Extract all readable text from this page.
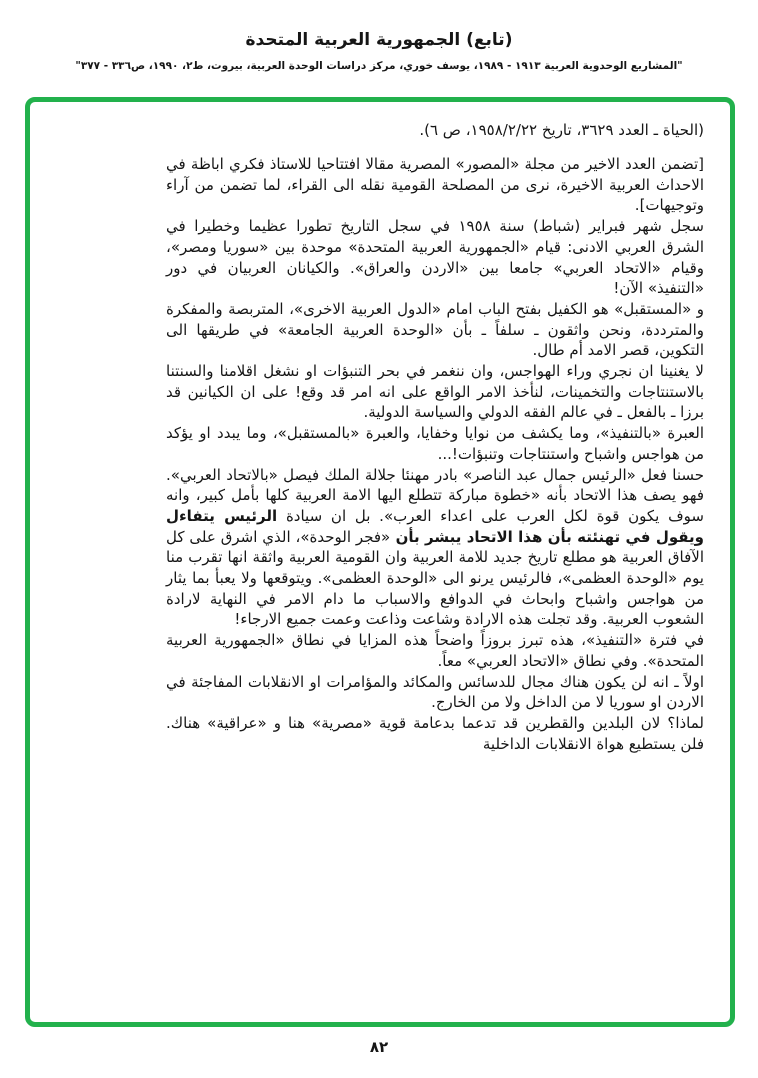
(تابع) الجمهورية العربية المتحدة
"المشاريع الوحدوية العربية ١٩١٣ - ١٩٨٩، يوسف خوري، مركز دراسات الوحدة العربية، بيروت، ط٢، ١٩٩٠، ص٣٣٦ - ٣٧٧"
(الحياة ـ العدد ٣٦٢٩، تاريخ ١٩٥٨/٢/٢٢، ص ٦).

[تضمن العدد الاخير من مجلة «المصور» المصرية مقالا افتتاحيا للاستاذ فكري اباظة في الاحداث العربية الاخيرة، نرى من المصلحة القومية نقله الى القراء، لما تضمن من آراء وتوجيهات].

سجل شهر فبراير (شباط) سنة ١٩٥٨ في سجل التاريخ تطورا عظيما وخطيرا في الشرق العربي الادنى: قيام «الجمهورية العربية المتحدة» موحدة بين «سوريا ومصر»، وقيام «الاتحاد العربي» جامعا بين «الاردن والعراق». والكيانان العربيان في دور «التنفيذ» الآن!

و «المستقبل» هو الكفيل بفتح الباب امام «الدول العربية الاخرى»، المتربصة والمفكرة والمترددة، ونحن واثقون ـ سلفاً ـ بأن «الوحدة العربية الجامعة» في طريقها الى التكوين، قصر الامد أم طال.

لا يغنينا ان نجري وراء الهواجس، وان ننغمر في بحر التنبؤات او نشغل اقلامنا والسنتنا بالاستنتاجات والتخمينات، لنأخذ الامر الواقع على انه امر قد وقع! على ان الكيانين قد برزا ـ بالفعل ـ في عالم الفقه الدولي والسياسة الدولية.

العبرة «بالتنفيذ»، وما يكشف من نوايا وخفايا، والعبرة «بالمستقبل»، وما يبدد او يؤكد من هواجس واشباح واستنتاجات وتنبؤات!...

حسنا فعل «الرئيس جمال عبد الناصر» بادر مهنئا جلالة الملك فيصل «بالاتحاد العربي». فهو يصف هذا الاتحاد بأنه «خطوة مباركة تتطلع اليها الامة العربية كلها بأمل كبير، وانه سوف يكون قوة لكل العرب على اعداء العرب». بل ان سيادة الرئيس يتفاءل ويقول في تهنئته بأن هذا الاتحاد يبشر بأن «فجر الوحدة»، الذي اشرق على كل الآفاق العربية هو مطلع تاريخ جديد للامة العربية وان القومية العربية واثقة انها تقرب منا يوم «الوحدة العظمى»، فالرئيس يرنو الى «الوحدة العظمى». ويتوقعها ولا يعبأ بما يثار من هواجس واشباح وابحاث في الدوافع والاسباب ما دام الامر في النهاية لارادة الشعوب العربية. وقد تجلت هذه الارادة وشاعت وذاعت وعمت جميع الارجاء!

في فترة «التنفيذ»، هذه تبرز بروزاً واضحاً هذه المزايا في نطاق «الجمهورية العربية المتحدة». وفي نطاق «الاتحاد العربي» معاً.

اولاً ـ انه لن يكون هناك مجال للدسائس والمكائد والمؤامرات او الانقلابات المفاجئة في الاردن او سوريا لا من الداخل ولا من الخارج.

لماذا؟ لان البلدين والقطرين قد تدعما بدعامة قوية «مصرية» هنا و «عراقية» هناك. فلن يستطيع هواة الانقلابات الداخلية

٨٢
